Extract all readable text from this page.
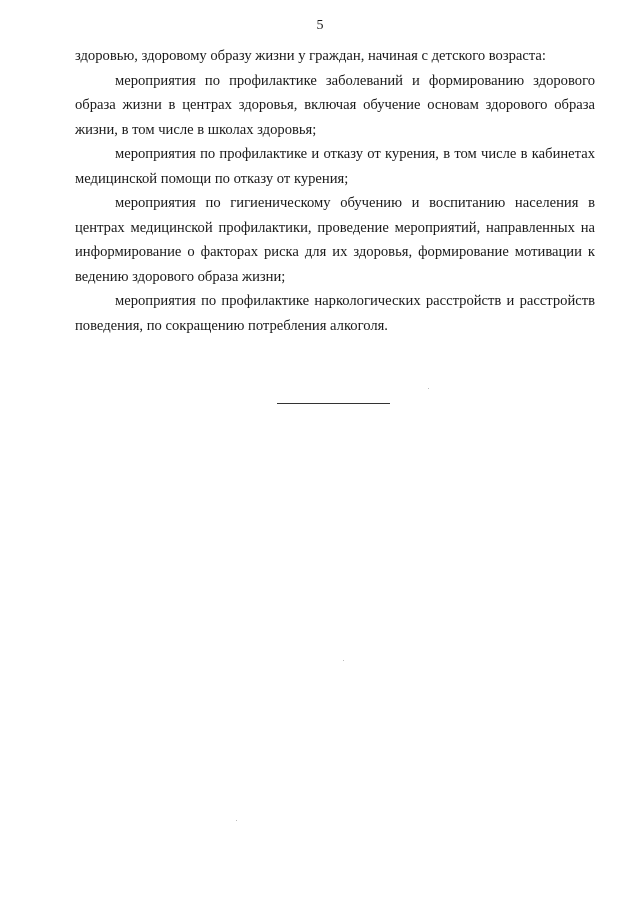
5

здоровью, здоровому образу жизни у граждан, начиная с детского возраста:

мероприятия по профилактике заболеваний и формированию здорового образа жизни в центрах здоровья, включая обучение основам здорового образа жизни, в том числе в школах здоровья;

мероприятия по профилактике и отказу от курения, в том числе в кабинетах медицинской помощи по отказу от курения;

мероприятия по гигиеническому обучению и воспитанию населения в центрах медицинской профилактики, проведение мероприятий, направленных на информирование о факторах риска для их здоровья, формирование мотивации к ведению здорового образа жизни;

мероприятия по профилактике наркологических расстройств и расстройств поведения, по сокращению потребления алкоголя.
